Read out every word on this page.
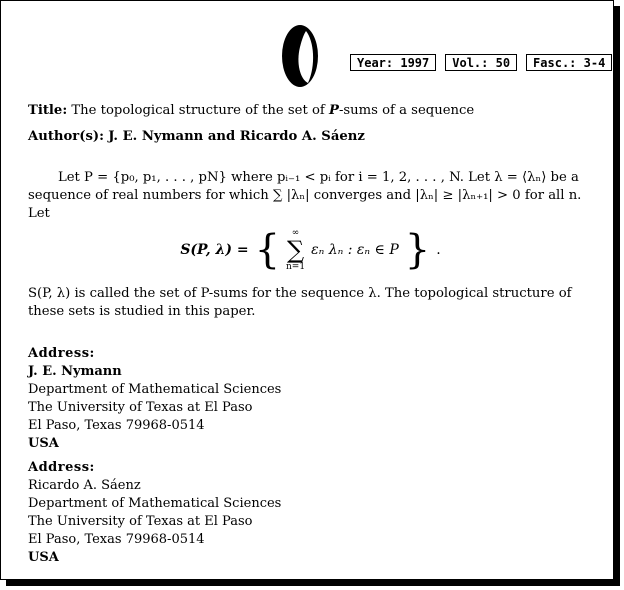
Year: 1997	Vol.: 50	Fasc.: 3-4
Title: The topological structure of the set of P-sums of a sequence
Author(s): J. E. Nymann and Ricardo A. Sáenz
Let P = {p₀, p₁, . . . , pN} where pᵢ₋₁ < pᵢ for i = 1, 2, . . . , N. Let λ = ⟨λₙ⟩ be a
sequence of real numbers for which ∑ |λₙ| converges and |λₙ| ≥ |λₙ₊₁| > 0 for all n.
Let
S(P, λ) = { ∞
∑
n=1
εₙ λₙ : εₙ ∈ P } .
S(P, λ) is called the set of P-sums for the sequence λ. The topological structure of
these sets is studied in this paper.
Address:
J. E. Nymann
Department of Mathematical Sciences
The University of Texas at El Paso
El Paso, Texas 79968-0514
USA
Address:
Ricardo A. Sáenz
Department of Mathematical Sciences
The University of Texas at El Paso
El Paso, Texas 79968-0514
USA
